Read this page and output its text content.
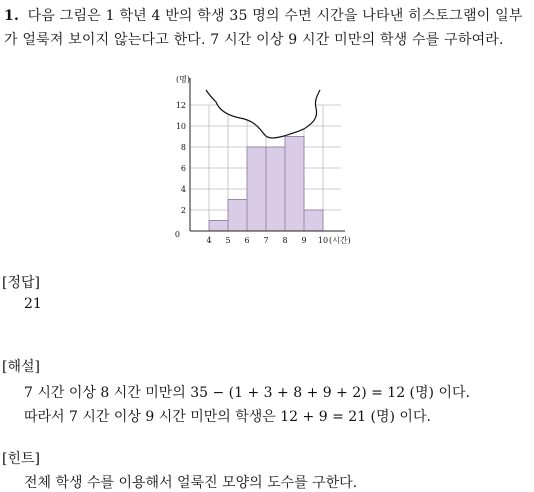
1. 다음 그림은 1 학년 4 반의 학생 35 명의 수면 시간을 나타낸 히스토그램이 일부가 얼룩져 보이지 않는다고 한다. 7 시간 이상 9 시간 미만의 학생 수를 구하여라.
2
4
6
8
10
12
4 5 6 7 8 9 10
0
(명)
(시간)
[정답]
21
[해설]
7 시간 이상 8 시간 미만의 35 − (1 + 3 + 8 + 9 + 2) = 12 (명) 이다.
따라서 7 시간 이상 9 시간 미만의 학생은 12 + 9 = 21 (명) 이다.
[힌트]
전체 학생 수를 이용해서 얼룩진 모양의 도수를 구한다.
